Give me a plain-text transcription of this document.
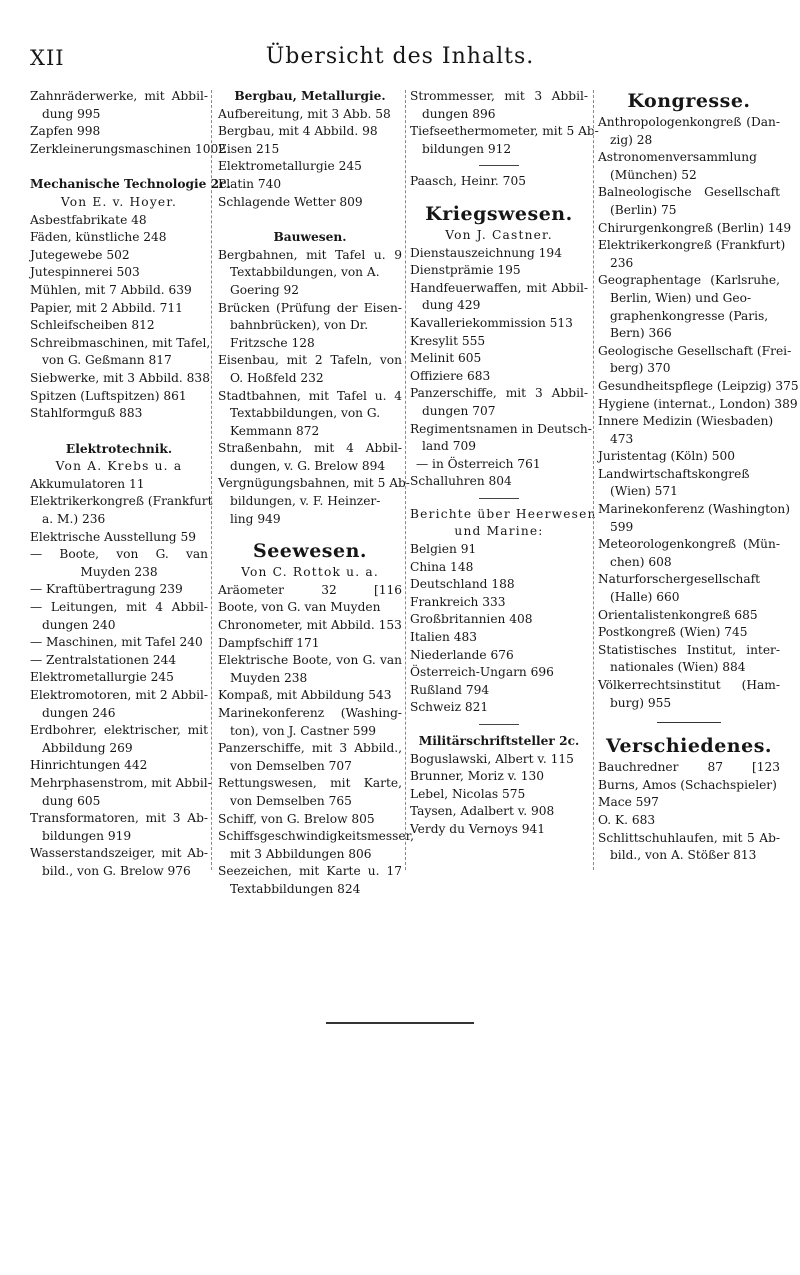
XII	Übersicht des Inhalts.
Zahnräderwerke, mit Abbil-
dung 995
Zapfen 998
Zerkleinerungsmaschinen 1002
Mechanische Technologie 2c.
Von E. v. Hoyer.
Asbestfabrikate 48
Fäden, künstliche 248
Jutegewebe 502
Jutespinnerei 503
Mühlen, mit 7 Abbild. 639
Papier, mit 2 Abbild. 711
Schleifscheiben 812
Schreibmaschinen, mit Tafel,
von G. Geßmann 817
Siebwerke, mit 3 Abbild. 838
Spitzen (Luftspitzen) 861
Stahlformguß 883
Elektrotechnik.
Von A. Krebs u. a
Akkumulatoren 11
Elektrikerkongreß (Frankfurt
a. M.) 236
Elektrische Ausstellung 59
— Boote, von G. van
Muyden 238
— Kraftübertragung 239
— Leitungen, mit 4 Abbil-
dungen 240
— Maschinen, mit Tafel 240
— Zentralstationen 244
Elektrometallurgie 245
Elektromotoren, mit 2 Abbil-
dungen 246
Erdbohrer, elektrischer, mit
Abbildung 269
Hinrichtungen 442
Mehrphasenstrom, mit Abbil-
dung 605
Transformatoren, mit 3 Ab-
bildungen 919
Wasserstandszeiger, mit Ab-
bild., von G. Brelow 976
Bergbau, Metallurgie.
Aufbereitung, mit 3 Abb. 58
Bergbau, mit 4 Abbild. 98
Eisen 215
Elektrometallurgie 245
Platin 740
Schlagende Wetter 809
Bauwesen.
Bergbahnen, mit Tafel u. 9
Textabbildungen, von A.
Goering 92
Brücken (Prüfung der Eisen-
bahnbrücken), von Dr.
Fritzsche 128
Eisenbau, mit 2 Tafeln, von
O. Hoßfeld 232
Stadtbahnen, mit Tafel u. 4
Textabbildungen, von G.
Kemmann 872
Straßenbahn, mit 4 Abbil-
dungen, v. G. Brelow 894
Vergnügungsbahnen, mit 5 Ab-
bildungen, v. F. Heinzer-
ling 949
Seewesen.
Von C. Rottok u. a.
Aräometer 32 [116
Boote, von G. van Muyden
Chronometer, mit Abbild. 153
Dampfschiff 171
Elektrische Boote, von G. van
Muyden 238
Kompaß, mit Abbildung 543
Marinekonferenz (Washing-
ton), von J. Castner 599
Panzerschiffe, mit 3 Abbild.,
von Demselben 707
Rettungswesen, mit Karte,
von Demselben 765
Schiff, von G. Brelow 805
Schiffsgeschwindigkeitsmesser,
mit 3 Abbildungen 806
Seezeichen, mit Karte u. 17
Textabbildungen 824
Strommesser, mit 3 Abbil-
dungen 896
Tiefseethermometer, mit 5 Ab-
bildungen 912
Paasch, Heinr. 705
Kriegswesen.
Von J. Castner.
Dienstauszeichnung 194
Dienstprämie 195
Handfeuerwaffen, mit Abbil-
dung 429
Kavalleriekommission 513
Kresylit 555
Melinit 605
Offiziere 683
Panzerschiffe, mit 3 Abbil-
dungen 707
Regimentsnamen in Deutsch-
land 709
— in Österreich 761
Schalluhren 804
Berichte über Heerwesen
und Marine:
Belgien 91
China 148
Deutschland 188
Frankreich 333
Großbritannien 408
Italien 483
Niederlande 676
Österreich-Ungarn 696
Rußland 794
Schweiz 821
Militärschriftsteller 2c.
Boguslawski, Albert v. 115
Brunner, Moriz v. 130
Lebel, Nicolas 575
Taysen, Adalbert v. 908
Verdy du Vernoys 941
Kongresse.
Anthropologenkongreß (Dan-
zig) 28
Astronomenversammlung
(München) 52
Balneologische Gesellschaft
(Berlin) 75
Chirurgenkongreß (Berlin) 149
Elektrikerkongreß (Frankfurt)
236
Geographentage (Karlsruhe,
Berlin, Wien) und Geo-
graphenkongresse (Paris,
Bern) 366
Geologische Gesellschaft (Frei-
berg) 370
Gesundheitspflege (Leipzig) 375
Hygiene (internat., London) 389
Innere Medizin (Wiesbaden)
473
Juristentag (Köln) 500
Landwirtschaftskongreß
(Wien) 571
Marinekonferenz (Washington)
599
Meteorologenkongreß (Mün-
chen) 608
Naturforschergesellschaft
(Halle) 660
Orientalistenkongreß 685
Postkongreß (Wien) 745
Statistisches Institut, inter-
nationales (Wien) 884
Völkerrechtsinstitut (Ham-
burg) 955
Verschiedenes.
Bauchredner 87 [123
Burns, Amos (Schachspieler)
Mace 597
O. K. 683
Schlittschuhlaufen, mit 5 Ab-
bild., von A. Stößer 813
